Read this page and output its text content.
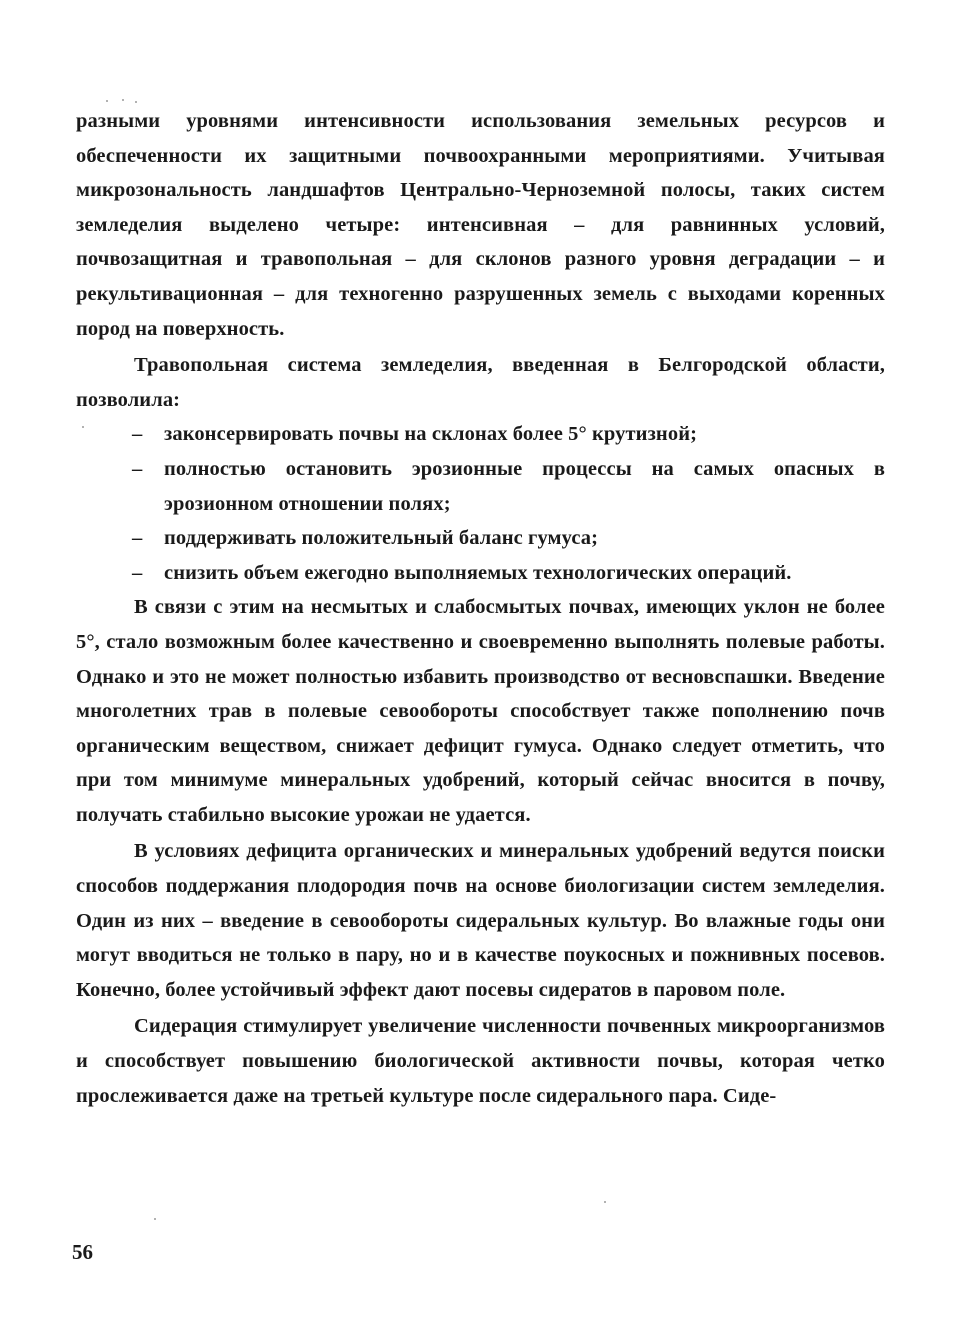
разными уровнями интенсивности использования земельных ресурсов и обеспеченности их защитными почвоохранными мероприятиями. Учитывая микрозональность ландшафтов Центрально-Черноземной полосы, таких систем земледелия выделено четыре: интенсивная – для равнинных условий, почвозащитная и травопольная – для склонов разного уровня деградации – и рекультивационная – для техногенно разрушенных земель с выходами коренных пород на поверхность.

Травопольная система земледелия, введенная в Белгородской области, позволила:

– законсервировать почвы на склонах более 5° крутизной;
– полностью остановить эрозионные процессы на самых опасных в эрозионном отношении полях;
– поддерживать положительный баланс гумуса;
– снизить объем ежегодно выполняемых технологических операций.

В связи с этим на несмытых и слабосмытых почвах, имеющих уклон не более 5°, стало возможным более качественно и своевременно выполнять полевые работы. Однако и это не может полностью избавить производство от весновспашки. Введение многолетних трав в полевые севообороты способствует также пополнению почв органическим веществом, снижает дефицит гумуса. Однако следует отметить, что при том минимуме минеральных удобрений, который сейчас вносится в почву, получать стабильно высокие урожаи не удается.

В условиях дефицита органических и минеральных удобрений ведутся поиски способов поддержания плодородия почв на основе биологизации систем земледелия. Один из них – введение в севообороты сидеральных культур. Во влажные годы они могут вводиться не только в пару, но и в качестве поукосных и пожнивных посевов. Конечно, более устойчивый эффект дают посевы сидератов в паровом поле.

Сидерация стимулирует увеличение численности почвенных микроорганизмов и способствует повышению биологической активности почвы, которая четко прослеживается даже на третьей культуре после сидерального пара. Сиде-

56
